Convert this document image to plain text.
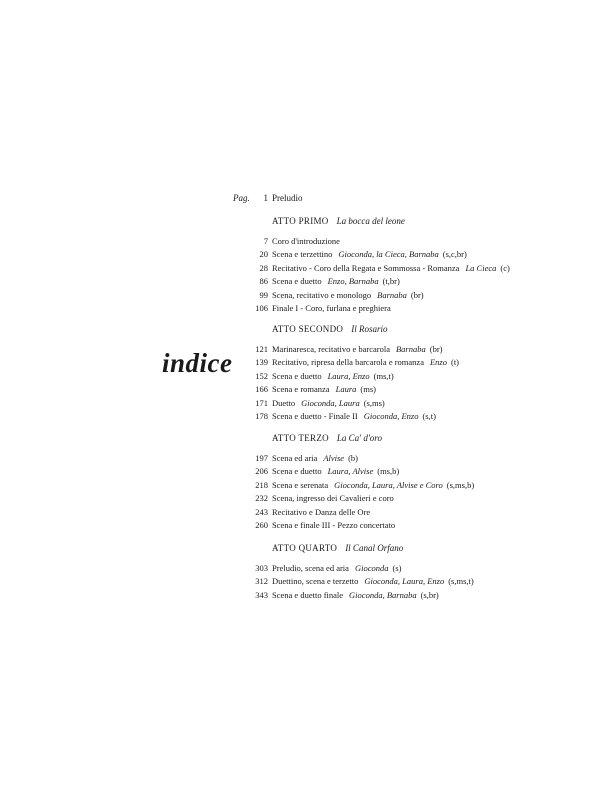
indice
Pag.	1 Preludio
ATTO PRIMO La bocca del leone
7 Coro d'introduzione
20 Scena e terzettino Gioconda, la Cieca, Barnaba (s,c,br)
28 Recitativo - Coro della Regata e Sommossa - Romanza La Cieca (c)
86 Scena e duetto Enzo, Barnaba (t,br)
99 Scena, recitativo e monologo Barnaba (br)
106 Finale I - Coro, furlana e preghiera
ATTO SECONDO Il Rosario
121 Marinaresca, recitativo e barcarola Barnaba (br)
139 Recitativo, ripresa della barcarola e romanza Enzo (t)
152 Scena e duetto Laura, Enzo (ms,t)
166 Scena e romanza Laura (ms)
171 Duetto Gioconda, Laura (s,ms)
178 Scena e duetto - Finale II Gioconda, Enzo (s,t)
ATTO TERZO La Ca' d'oro
197 Scena ed aria Alvise (b)
206 Scena e duetto Laura, Alvise (ms,b)
218 Scena e serenata Gioconda, Laura, Alvise e Coro (s,ms,b)
232 Scena, ingresso dei Cavalieri e coro
243 Recitativo e Danza delle Ore
260 Scena e finale III - Pezzo concertato
ATTO QUARTO Il Canal Orfano
303 Preludio, scena ed aria Gioconda (s)
312 Duettino, scena e terzetto Gioconda, Laura, Enzo (s,ms,t)
343 Scena e duetto finale Gioconda, Barnaba (s,br)
